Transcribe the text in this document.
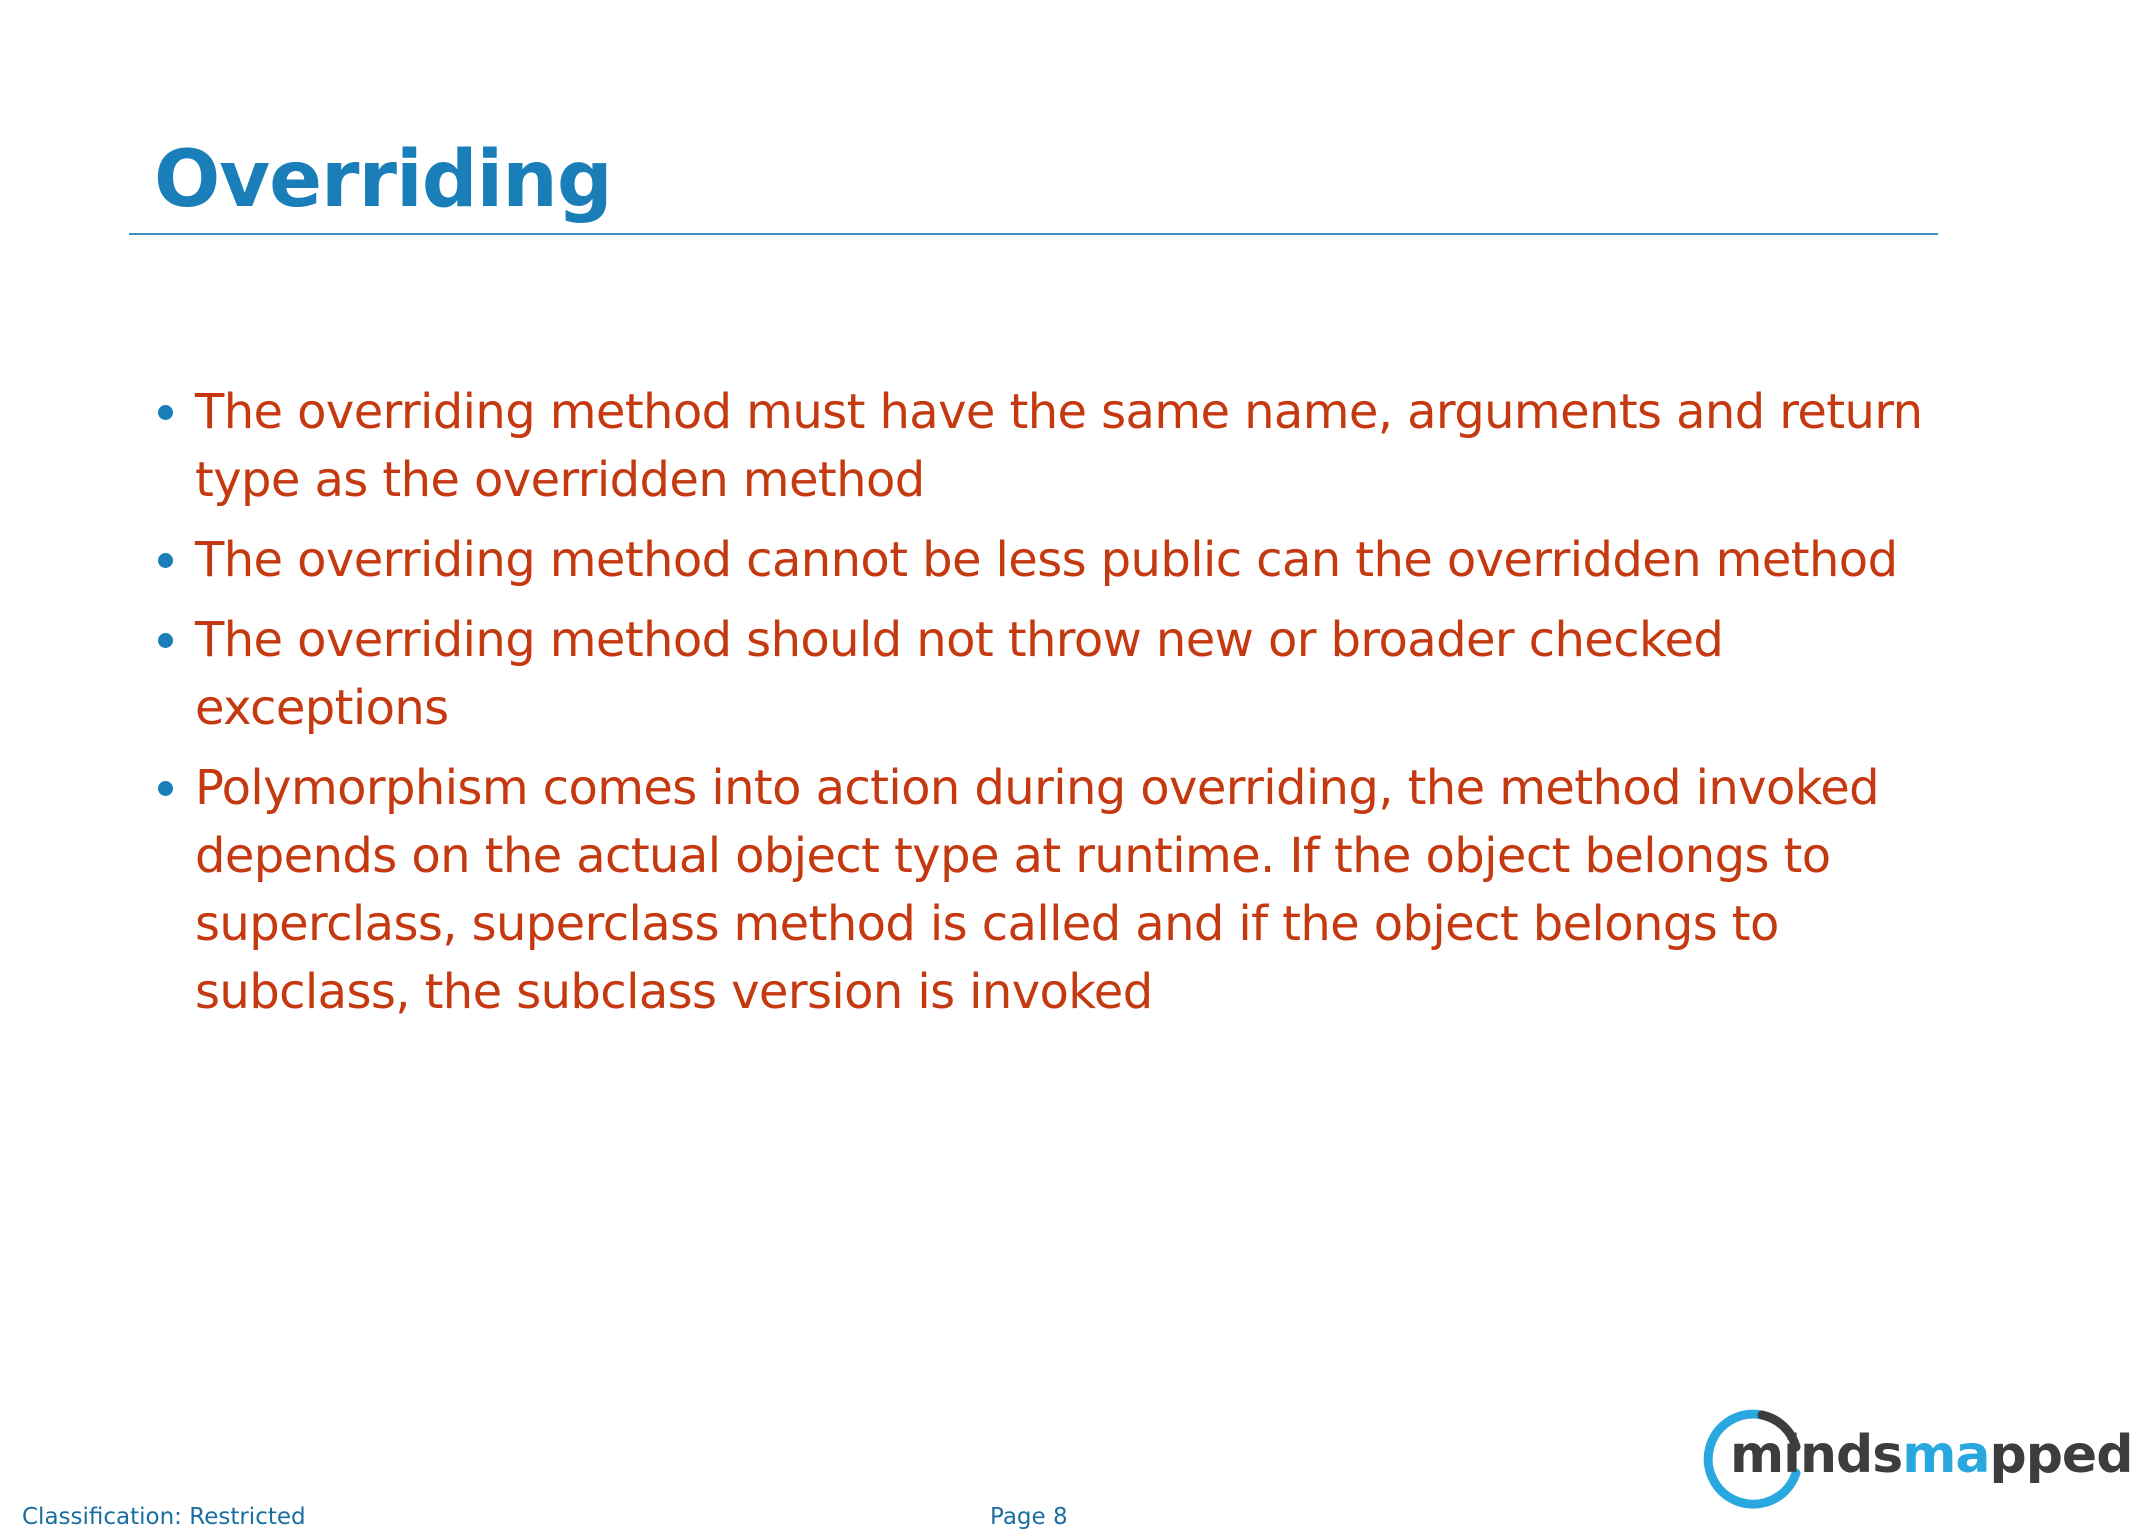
Overriding
The overriding method must have the same name, arguments and return type as the overridden method
The overriding method cannot be less public can the overridden method
The overriding method should not throw new or broader checked exceptions
Polymorphism comes into action during overriding, the method invoked depends on the actual object type at runtime. If the object belongs to superclass, superclass method is called and if the object belongs to subclass, the subclass version is invoked
Classification: Restricted	Page 8
mindsmapped
